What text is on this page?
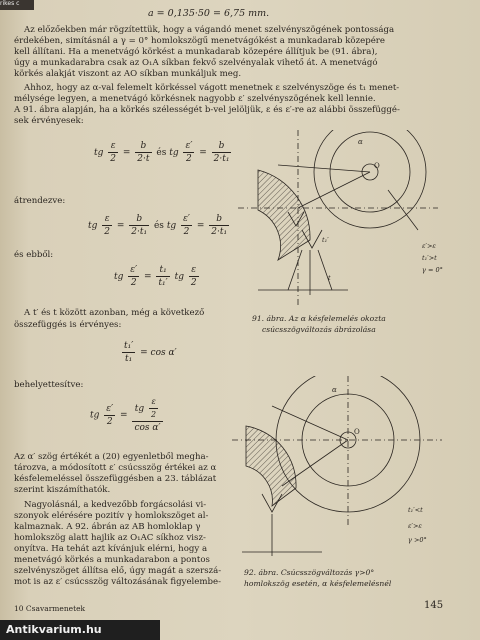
rikes c
a = 0,135·50 = 6,75 mm.
Az előzőekben már rögzítettük, hogy a vágandó menet szelvényszögének pontossága
érdekében, simításnál a γ = 0° homlokszögű menetvágókést a munkadarab közepére
kell állítani. Ha a menetvágó körkést a munkadarab közepére állítjuk be (91. ábra),
úgy a munkadarabra csak az O₁A síkban fekvő szelvényalak vihető át. A menetvágó
körkés alakját viszont az AO síkban munkáljuk meg.
Ahhoz, hogy az α-val felemelt körkéssel vágott menetnek ε szelvényszöge és t₁ menet-
mélysége legyen, a menetvágó körkésnek nagyobb ε′ szelvényszögének kell lennie.
A 91. ábra alapján, ha a körkés szélességét b-vel jelöljük, ε és ε′-re az alábbi összefüggé-
sek érvényesek:
tg $\frac{\varepsilon}{2} = \frac{b}{2\cdot t}$ és tg $\frac{\varepsilon'}{2} = \frac{b}{\text{2·t₁}}$
átrendezve:
tg $\frac{\varepsilon}{2} = \frac{b}{\text{2·t₁}}$ és tg $\frac{\varepsilon'}{2} = \frac{b}{\text{2·t₁}}$
és ebből:
tg $\frac{\varepsilon'}{2} = \frac{\text{t₁}}{\text{t₁′}}$ tg $\frac{\varepsilon}{2}$
A t′ és t között azonban, még a következő
összefüggés is érvényes:
$\frac{\text{t₁′}}{\text{t₁}} = \cos \alpha'$
behelyettesítve:
tg $\frac{\varepsilon'}{2} = \frac{tg \frac{\varepsilon}{2}}{\text{cos α′}}$
Az α′ szög értékét a (20) egyenletből megha-
tározva, a módosított ε′ csúcsszög értékei az α
késfelemeléssel összefüggésben a 23. táblázat
szerint kiszámíthatók.
Nagyolásnál, a kedvezőbb forgácsolási vi-
szonyok elérésére pozitív γ homlokszöget al-
kalmaznak. A 92. ábrán az AB homloklap γ
homlokszög alatt hajlik az O₁AC síkhoz visz-
onyítva. Ha tehát azt kívánjuk elérni, hogy a
menetvágó körkés a munkadarabon a pontos
szelvényszöget állítsa elő, úgy magát a szerszá-
mot is az ε′ csúcsszög változásának figyelembe-
α
O
t₁′
t
ε′>ε
t₁′>t
γ = 0°
91. ábra. Az α késfelemelés okozta
csúcsszögváltozás ábrázolása
α
O
t₁′<t
ε′>ε
γ >0°
92. ábra. Csúcsszögváltozás γ>0°
homlokszög esetén, α késfelemelésnél
10 Csavarmenetek	145
Antikvarium.hu
